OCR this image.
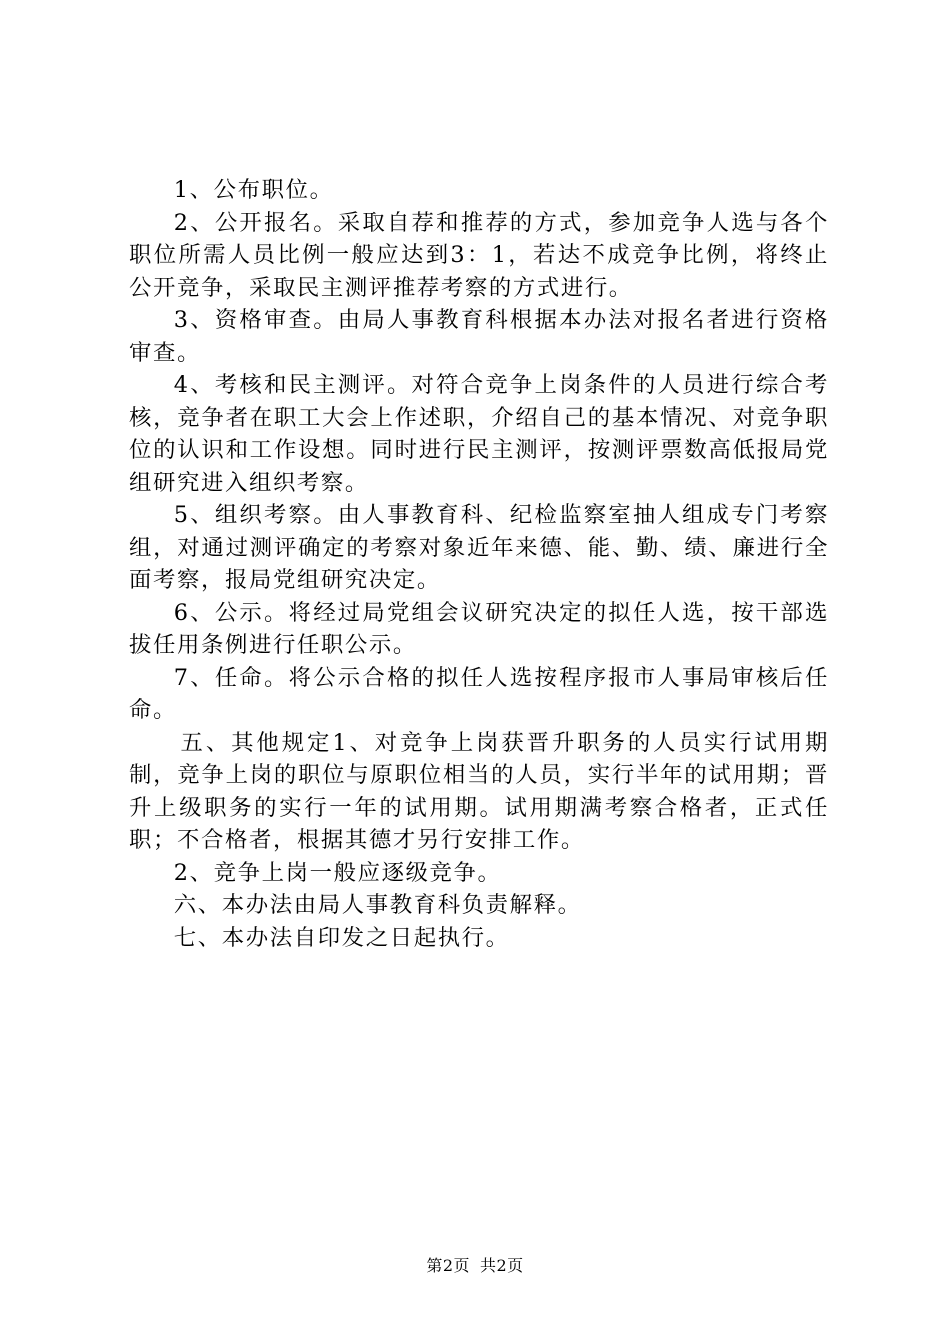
1、公布职位。

2、公开报名。采取自荐和推荐的方式，参加竞争人选与各个职位所需人员比例一般应达到3：1，若达不成竞争比例，将终止公开竞争，采取民主测评推荐考察的方式进行。

3、资格审查。由局人事教育科根据本办法对报名者进行资格审查。

4、考核和民主测评。对符合竞争上岗条件的人员进行综合考核，竞争者在职工大会上作述职，介绍自己的基本情况、对竞争职位的认识和工作设想。同时进行民主测评，按测评票数高低报局党组研究进入组织考察。

5、组织考察。由人事教育科、纪检监察室抽人组成专门考察组，对通过测评确定的考察对象近年来德、能、勤、绩、廉进行全面考察，报局党组研究决定。

6、公示。将经过局党组会议研究决定的拟任人选，按干部选拔任用条例进行任职公示。

7、任命。将公示合格的拟任人选按程序报市人事局审核后任命。

五、其他规定1、对竞争上岗获晋升职务的人员实行试用期制，竞争上岗的职位与原职位相当的人员，实行半年的试用期；晋升上级职务的实行一年的试用期。试用期满考察合格者，正式任职；不合格者，根据其德才另行安排工作。

2、竞争上岗一般应逐级竞争。

六、本办法由局人事教育科负责解释。

七、本办法自印发之日起执行。

第2页 共2页
